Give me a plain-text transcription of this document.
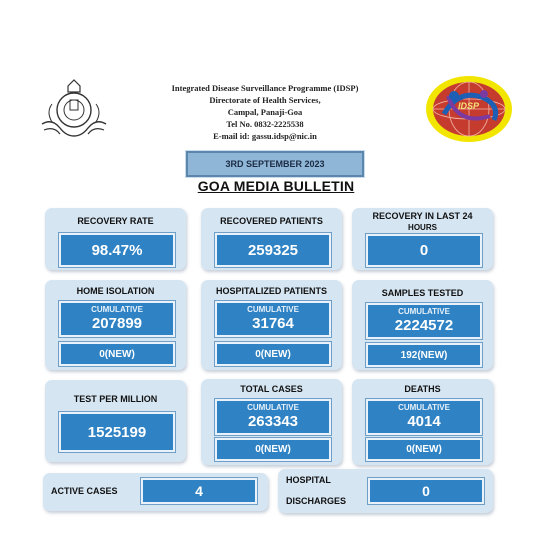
Integrated Disease Surveillance Programme (IDSP)
Directorate of Health Services,
Campal, Panaji-Goa
Tel No. 0832-2225538
E-mail id: gassu.idsp@nic.in
IDSP
3RD SEPTEMBER 2023
GOA MEDIA BULLETIN
RECOVERY RATE
98.47%
RECOVERED PATIENTS
259325
RECOVERY IN LAST 24
HOURS
0
HOME ISOLATION
CUMULATIVE
207899
0(NEW)
HOSPITALIZED PATIENTS
CUMULATIVE
31764
0(NEW)
SAMPLES TESTED
CUMULATIVE
2224572
192(NEW)
TEST PER MILLION
1525199
TOTAL CASES
CUMULATIVE
263343
0(NEW)
DEATHS
CUMULATIVE
4014
0(NEW)
ACTIVE CASES	4
HOSPITAL
DISCHARGES
0
